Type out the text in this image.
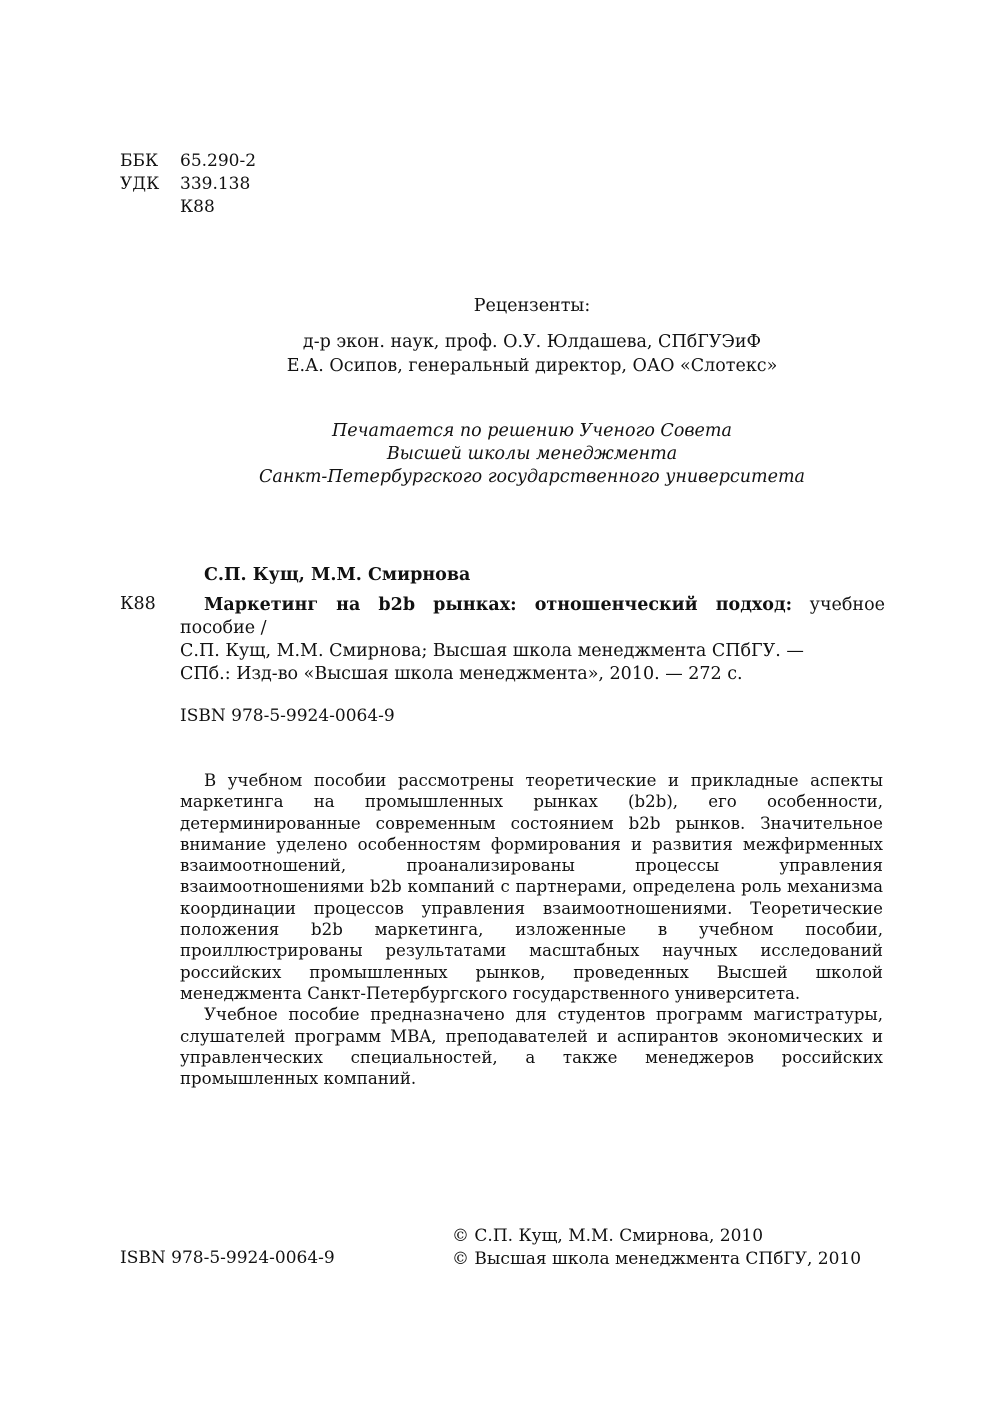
ББК	65.290-2
УДК	339.138
К88
Рецензенты:
д-р экон. наук, проф. О.У. Юлдашева, СПбГУЭиФ
Е.А. Осипов, генеральный директор, ОАО «Слотекс»
Печатается по решению Ученого Совета
Высшей школы менеджмента
Санкт-Петербургского государственного университета
С.П. Кущ, М.М. Смирнова
К88	Маркетинг на b2b рынках: отношенческий подход: учебное пособие /
С.П. Кущ, М.М. Смирнова; Высшая школа менеджмента СПбГУ. —
СПб.: Изд-во «Высшая школа менеджмента», 2010. — 272 с.
ISBN 978-5-9924-0064-9

В учебном пособии рассмотрены теоретические и прикладные аспекты маркетинга на промышленных рынках (b2b), его особенности, детерминированные современным состоянием b2b рынков. Значительное внимание уделено особенностям формирования и развития межфирменных взаимоотношений, проанализированы процессы управления взаимоотношениями b2b компаний с партнерами, определена роль механизма координации процессов управления взаимоотношениями. Теоретические положения b2b маркетинга, изложенные в учебном пособии, проиллюстрированы результатами масштабных научных исследований российских промышленных рынков, проведенных Высшей школой менеджмента Санкт-Петербургского государственного университета.

Учебное пособие предназначено для студентов программ магистратуры, слушателей программ MBA, преподавателей и аспирантов экономических и управленческих специальностей, а также менеджеров российских промышленных компаний.

ISBN 978-5-9924-0064-9
© С.П. Кущ, М.М. Смирнова, 2010
© Высшая школа менеджмента СПбГУ, 2010
